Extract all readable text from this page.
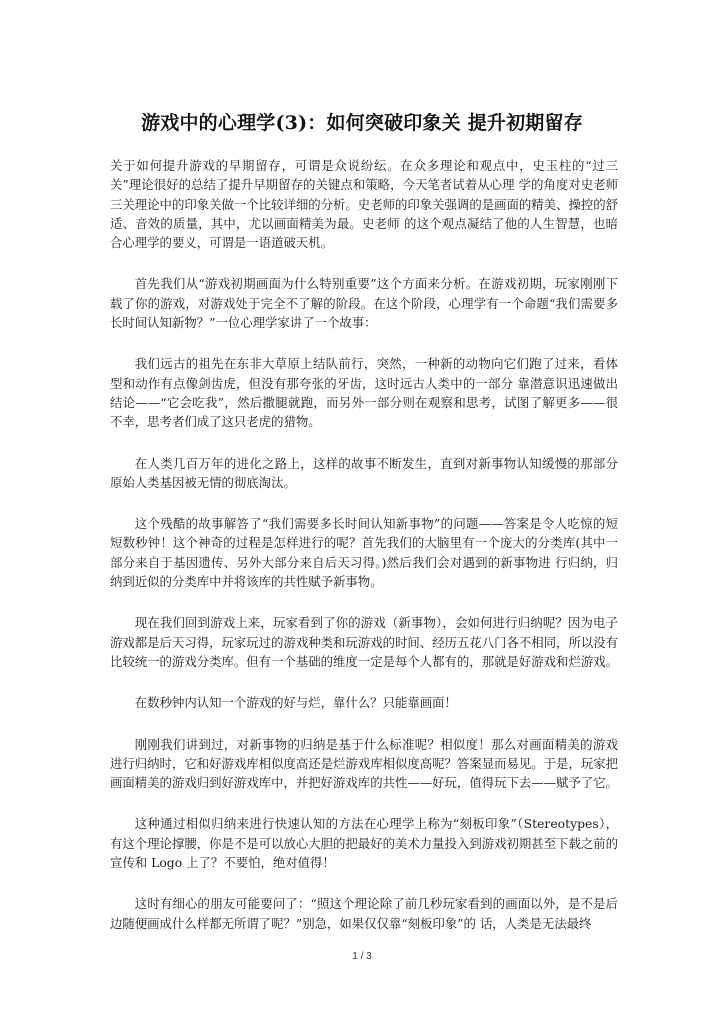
游戏中的心理学(3)：如何突破印象关 提升初期留存

关于如何提升游戏的早期留存，可谓是众说纷纭。在众多理论和观点中，史玉柱的“过三关”理论很好的总结了提升早期留存的关键点和策略，今天笔者试着从心理 学的角度对史老师三关理论中的印象关做一个比较详细的分析。史老师的印象关强调的是画面的精美、操控的舒适、音效的质量，其中，尤以画面精美为最。史老师 的这个观点凝结了他的人生智慧，也暗合心理学的要义，可谓是一语道破天机。

首先我们从“游戏初期画面为什么特别重要”这个方面来分析。在游戏初期，玩家刚刚下载了你的游戏，对游戏处于完全不了解的阶段。在这个阶段，心理学有一个命题“我们需要多长时间认知新物？”一位心理学家讲了一个故事：

我们远古的祖先在东非大草原上结队前行，突然，一种新的动物向它们跑了过来，看体型和动作有点像剑齿虎，但没有那夸张的牙齿，这时远古人类中的一部分 靠潜意识迅速做出结论——“它会吃我”，然后撒腿就跑，而另外一部分则在观察和思考，试图了解更多——很不幸，思考者们成了这只老虎的猎物。

在人类几百万年的进化之路上，这样的故事不断发生，直到对新事物认知缓慢的那部分原始人类基因被无情的彻底淘汰。

这个残酷的故事解答了“我们需要多长时间认知新事物”的问题——答案是令人吃惊的短短数秒钟！这个神奇的过程是怎样进行的呢？首先我们的大脑里有一个庞大的分类库(其中一部分来自于基因遗传、另外大部分来自后天习得。)然后我们会对遇到的新事物进 行归纳，归纳到近似的分类库中并将该库的共性赋予新事物。

现在我们回到游戏上来，玩家看到了你的游戏（新事物），会如何进行归纳呢？因为电子游戏都是后天习得，玩家玩过的游戏种类和玩游戏的时间、经历五花八门各不相同，所以没有比较统一的游戏分类库。但有一个基础的维度一定是每个人都有的，那就是好游戏和烂游戏。

在数秒钟内认知一个游戏的好与烂，靠什么？只能靠画面！

刚刚我们讲到过，对新事物的归纳是基于什么标准呢？相似度！那么对画面精美的游戏进行归纳时，它和好游戏库相似度高还是烂游戏库相似度高呢？答案显而易见。于是，玩家把画面精美的游戏归到好游戏库中，并把好游戏库的共性——好玩，值得玩下去——赋予了它。

这种通过相似归纳来进行快速认知的方法在心理学上称为“刻板印象”（Stereotypes），有这个理论撑腰，你是不是可以放心大胆的把最好的美术力量投入到游戏初期甚至下载之前的宣传和 Logo 上了？不要怕，绝对值得！

这时有细心的朋友可能要问了：“照这个理论除了前几秒玩家看到的画面以外，是不是后边随便画成什么样都无所谓了呢？”别急，如果仅仅靠“刻板印象”的 话，人类是无法最终

1 / 3
